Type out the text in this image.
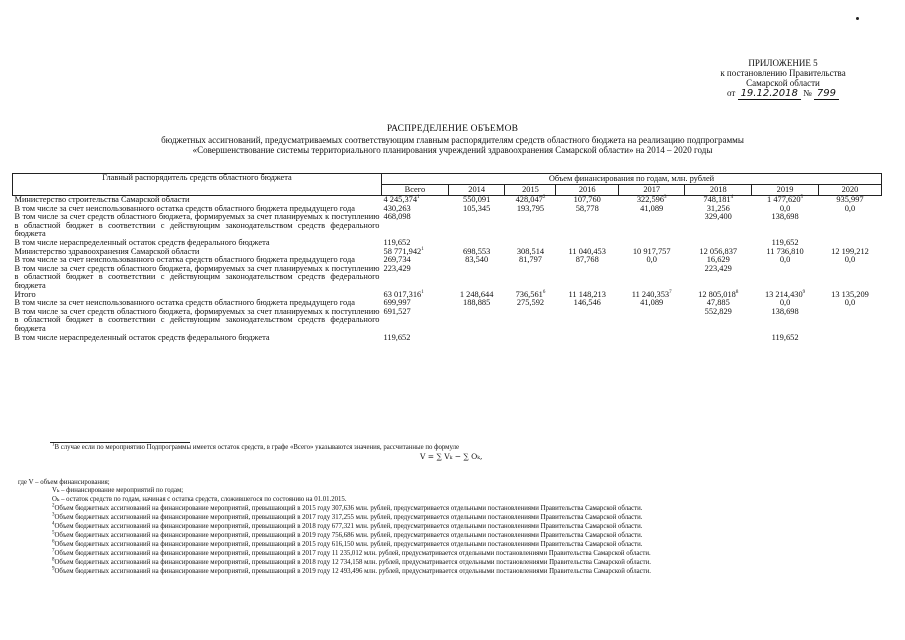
ПРИЛОЖЕНИЕ 5
к постановлению Правительства
Самарской области
от 19.12.2018 № 799
РАСПРЕДЕЛЕНИЕ ОБЪЕМОВ
бюджетных ассигнований, предусматриваемых соответствующим главным распорядителям средств областного бюджета на реализацию подпрограммы
«Совершенствование системы территориального планирования учреждений здравоохранения Самарской области» на 2014 – 2020 годы
Главный распорядитель средств областного бюджета	Объем финансирования по годам, млн. рублей							
	Всего	2014	2015	2016	2017	2018	2019	2020
Министерство строительства Самарской области	4 245,374$^1$	550,091	428,047$^2$	107,760	322,596$^3$	748,181$^4$	1 477,620$^5$	935,997
В том числе за счет неиспользованного остатка средств областного бюджета предыдущего года	430,263	105,345	193,795	58,778	41,089	31,256	0,0	0,0
В том числе за счет средств областного бюджета, формируемых за счет планируемых к поступлению в областной бюджет в соответствии с действующим законодательством средств федерального бюджета	468,098					329,400	138,698	
В том числе нераспределенный остаток средств федерального бюджета	119,652						119,652	
Министерство здравоохранения Самарской области	58 771,942$^1$	698,553	308,514	11 040,453	10 917,757	12 056,837	11 736,810	12 199,212
В том числе за счет неиспользованного остатка средств областного бюджета предыдущего года	269,734	83,540	81,797	87,768	0,0	16,629	0,0	0,0
В том числе за счет средств областного бюджета, формируемых за счет планируемых к поступлению в областной бюджет в соответствии с действующим законодательством средств федерального бюджета	223,429					223,429		
Итого	63 017,316$^1$	1 248,644	736,561$^6$	11 148,213	11 240,353$^7$	12 805,018$^8$	13 214,430$^9$	13 135,209
В том числе за счет неиспользованного остатка средств областного бюджета предыдущего года	699,997	188,885	275,592	146,546	41,089	47,885	0,0	0,0
В том числе за счет средств областного бюджета, формируемых за счет планируемых к поступлению в областной бюджет в соответствии с действующим законодательством средств федерального бюджета	691,527					552,829	138,698	
В том числе нераспределенный остаток средств федерального бюджета	119,652						119,652	
$^1$В случае если по мероприятию Подпрограммы имеется остаток средств, в графе «Всего» указываются значения, рассчитанные по формуле
V = ∑ Vₖ − ∑ Oₖ,
где V – объем финансирования;
Vₖ – финансирование мероприятий по годам;
Oₖ – остаток средств по годам, начиная с остатка средств, сложившегося по состоянию на 01.01.2015.
$^2$Объем бюджетных ассигнований на финансирование мероприятий, превышающий в 2015 году 307,636 млн. рублей, предусматривается отдельными постановлениями Правительства Самарской области.
$^3$Объем бюджетных ассигнований на финансирование мероприятий, превышающий в 2017 году 317,255 млн. рублей, предусматривается отдельными постановлениями Правительства Самарской области.
$^4$Объем бюджетных ассигнований на финансирование мероприятий, превышающий в 2018 году 677,321 млн. рублей, предусматривается отдельными постановлениями Правительства Самарской области.
$^5$Объем бюджетных ассигнований на финансирование мероприятий, превышающий в 2019 году 756,686 млн. рублей, предусматривается отдельными постановлениями Правительства Самарской области.
$^6$Объем бюджетных ассигнований на финансирование мероприятий, превышающий в 2015 году 616,150 млн. рублей, предусматривается отдельными постановлениями Правительства Самарской области.
$^7$Объем бюджетных ассигнований на финансирование мероприятий, превышающий в 2017 году 11 235,012 млн. рублей, предусматривается отдельными постановлениями Правительства Самарской области.
$^8$Объем бюджетных ассигнований на финансирование мероприятий, превышающий в 2018 году 12 734,158 млн. рублей, предусматривается отдельными постановлениями Правительства Самарской области.
$^9$Объем бюджетных ассигнований на финансирование мероприятий, превышающий в 2019 году 12 493,496 млн. рублей, предусматривается отдельными постановлениями Правительства Самарской области.
